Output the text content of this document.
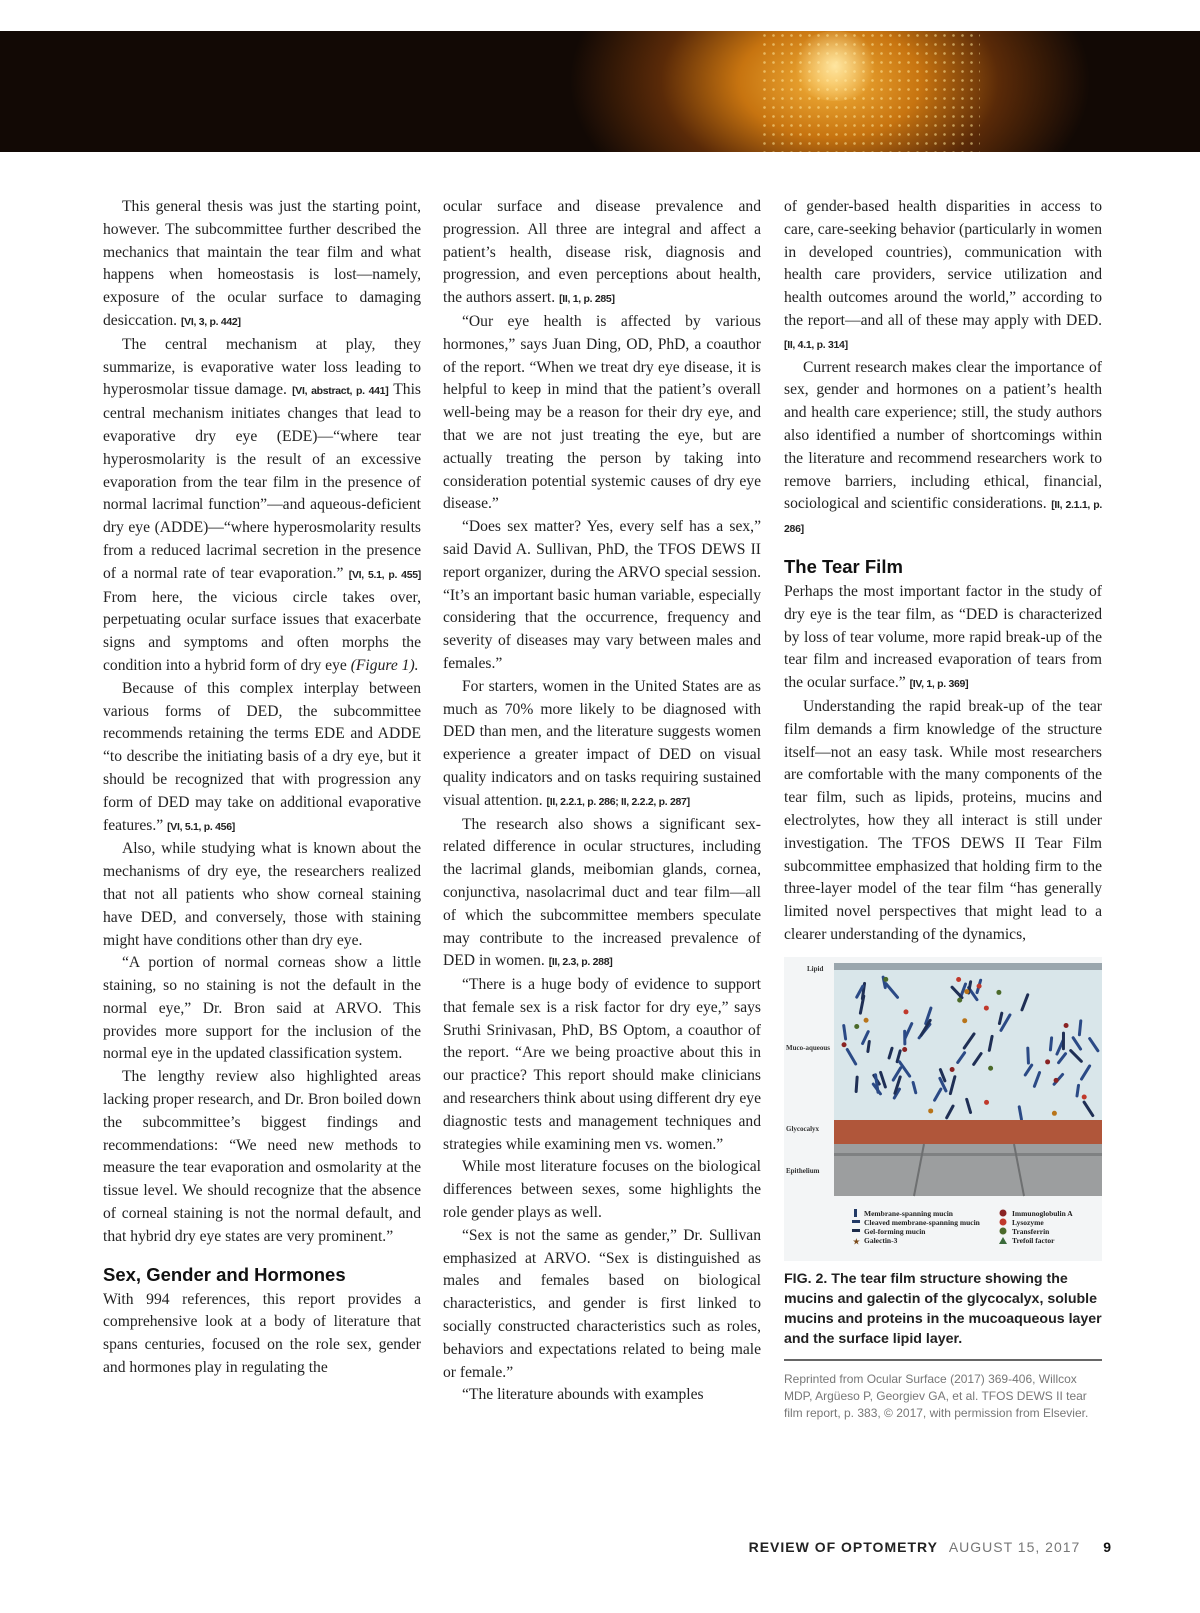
This general thesis was just the starting point, however. The subcommittee further described the mechanics that maintain the tear film and what happens when homeostasis is lost—namely, exposure of the ocular surface to damaging desiccation. [VI, 3, p. 442]

The central mechanism at play, they summarize, is evaporative water loss leading to hyperosmolar tissue damage. [VI, abstract, p. 441] This central mechanism initiates changes that lead to evaporative dry eye (EDE)—“where tear hyperosmolarity is the result of an excessive evaporation from the tear film in the presence of normal lacrimal function”—and aqueous-deficient dry eye (ADDE)—“where hyperosmolarity results from a reduced lacrimal secretion in the presence of a normal rate of tear evaporation.” [VI, 5.1, p. 455] From here, the vicious circle takes over, perpetuating ocular surface issues that exacerbate signs and symptoms and often morphs the condition into a hybrid form of dry eye (Figure 1).

Because of this complex interplay between various forms of DED, the subcommittee recommends retaining the terms EDE and ADDE “to describe the initiating basis of a dry eye, but it should be recognized that with progression any form of DED may take on additional evaporative features.” [VI, 5.1, p. 456]

Also, while studying what is known about the mechanisms of dry eye, the researchers realized that not all patients who show corneal staining have DED, and conversely, those with staining might have conditions other than dry eye.

“A portion of normal corneas show a little staining, so no staining is not the default in the normal eye,” Dr. Bron said at ARVO. This provides more support for the inclusion of the normal eye in the updated classification system.

The lengthy review also highlighted areas lacking proper research, and Dr. Bron boiled down the subcommittee’s biggest findings and recommendations: “We need new methods to measure the tear evaporation and osmolarity at the tissue level. We should recognize that the absence of corneal staining is not the normal default, and that hybrid dry eye states are very prominent.”

Sex, Gender and Hormones

With 994 references, this report provides a comprehensive look at a body of literature that spans centuries, focused on the role sex, gender and hormones play in regulating the

ocular surface and disease prevalence and progression. All three are integral and affect a patient’s health, disease risk, diagnosis and progression, and even perceptions about health, the authors assert. [II, 1, p. 285]

“Our eye health is affected by various hormones,” says Juan Ding, OD, PhD, a coauthor of the report. “When we treat dry eye disease, it is helpful to keep in mind that the patient’s overall well-being may be a reason for their dry eye, and that we are not just treating the eye, but are actually treating the person by taking into consideration potential systemic causes of dry eye disease.”

“Does sex matter? Yes, every self has a sex,” said David A. Sullivan, PhD, the TFOS DEWS II report organizer, during the ARVO special session. “It’s an important basic human variable, especially considering that the occurrence, frequency and severity of diseases may vary between males and females.”

For starters, women in the United States are as much as 70% more likely to be diagnosed with DED than men, and the literature suggests women experience a greater impact of DED on visual quality indicators and on tasks requiring sustained visual attention. [II, 2.2.1, p. 286; II, 2.2.2, p. 287]

The research also shows a significant sex-related difference in ocular structures, including the lacrimal glands, meibomian glands, cornea, conjunctiva, nasolacrimal duct and tear film—all of which the subcommittee members speculate may contribute to the increased prevalence of DED in women. [II, 2.3, p. 288]

“There is a huge body of evidence to support that female sex is a risk factor for dry eye,” says Sruthi Srinivasan, PhD, BS Optom, a coauthor of the report. “Are we being proactive about this in our practice? This report should make clinicians and researchers think about using different dry eye diagnostic tests and management techniques and strategies while examining men vs. women.”

While most literature focuses on the biological differences between sexes, some highlights the role gender plays as well.

“Sex is not the same as gender,” Dr. Sullivan emphasized at ARVO. “Sex is distinguished as males and females based on biological characteristics, and gender is first linked to socially constructed characteristics such as roles, behaviors and expectations related to being male or female.”

“The literature abounds with examples

of gender-based health disparities in access to care, care-seeking behavior (particularly in women in developed countries), communication with health care providers, service utilization and health outcomes around the world,” according to the report—and all of these may apply with DED. [II, 4.1, p. 314]

Current research makes clear the importance of sex, gender and hormones on a patient’s health and health care experience; still, the study authors also identified a number of shortcomings within the literature and recommend researchers work to remove barriers, including ethical, financial, sociological and scientific considerations. [II, 2.1.1, p. 286]

The Tear Film

Perhaps the most important factor in the study of dry eye is the tear film, as “DED is characterized by loss of tear volume, more rapid break-up of the tear film and increased evaporation of tears from the ocular surface.” [IV, 1, p. 369]

Understanding the rapid break-up of the tear film demands a firm knowledge of the structure itself—not an easy task. While most researchers are comfortable with the many components of the tear film, such as lipids, proteins, mucins and electrolytes, how they all interact is still under investigation. The TFOS DEWS II Tear Film subcommittee emphasized that holding firm to the three-layer model of the tear film “has generally limited novel perspectives that might lead to a clearer understanding of the dynamics,

Lipid
Muco-aqueous
Glycocalyx
Epithelium
Membrane-spanning mucin
Cleaved membrane-spanning mucin
Gel-forming mucin
★ Galectin-3
Immunoglobulin A
Lysozyme
Transferrin
Trefoil factor
FIG. 2. The tear film structure showing the mucins and galectin of the glycocalyx, soluble mucins and proteins in the mucoaqueous layer and the surface lipid layer.
Reprinted from Ocular Surface (2017) 369-406, Willcox MDP, Argüeso P, Georgiev GA, et al. TFOS DEWS II tear film report, p. 383, © 2017, with permission from Elsevier.
REVIEW OF OPTOMETRY AUGUST 15, 2017 9
